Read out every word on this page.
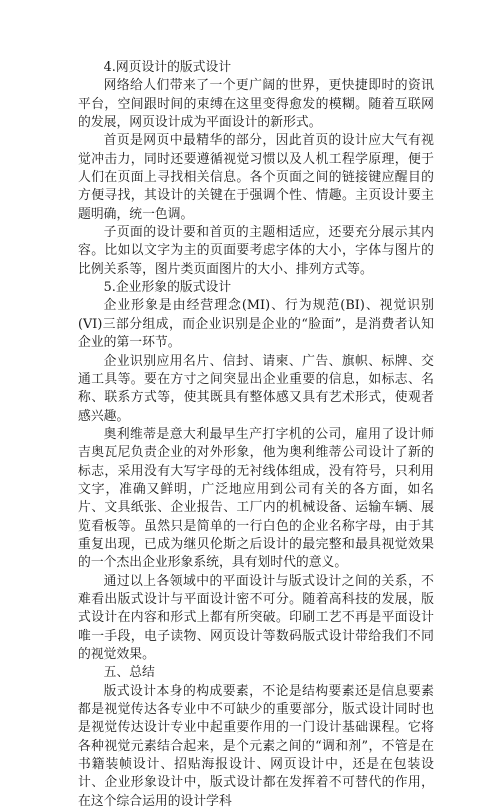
4.网页设计的版式设计

网络给人们带来了一个更广阔的世界，更快捷即时的资讯平台，空间跟时间的束缚在这里变得愈发的模糊。随着互联网的发展，网页设计成为平面设计的新形式。

首页是网页中最精华的部分，因此首页的设计应大气有视觉冲击力，同时还要遵循视觉习惯以及人机工程学原理，便于人们在页面上寻找相关信息。各个页面之间的链接键应醒目的方便寻找，其设计的关键在于强调个性、情趣。主页设计要主题明确，统一色调。

子页面的设计要和首页的主题相适应，还要充分展示其内容。比如以文字为主的页面要考虑字体的大小，字体与图片的比例关系等，图片类页面图片的大小、排列方式等。

5.企业形象的版式设计

企业形象是由经营理念(MI)、行为规范(BI)、视觉识别(VI)三部分组成，而企业识别是企业的“脸面”，是消费者认知企业的第一环节。

企业识别应用名片、信封、请柬、广告、旗帜、标牌、交通工具等。要在方寸之间突显出企业重要的信息，如标志、名称、联系方式等，使其既具有整体感又具有艺术形式，使观者感兴趣。

奥利维蒂是意大利最早生产打字机的公司，雇用了设计师吉奥瓦尼负责企业的对外形象，他为奥利维蒂公司设计了新的标志，采用没有大写字母的无衬线体组成，没有符号，只利用文字，准确又鲜明，广泛地应用到公司有关的各方面，如名片、文具纸张、企业报告、工厂内的机械设备、运输车辆、展览看板等。虽然只是简单的一行白色的企业名称字母，由于其重复出现，已成为继贝伦斯之后设计的最完整和最具视觉效果的一个杰出企业形象系统，具有划时代的意义。

通过以上各领域中的平面设计与版式设计之间的关系，不难看出版式设计与平面设计密不可分。随着高科技的发展，版式设计在内容和形式上都有所突破。印刷工艺不再是平面设计唯一手段，电子读物、网页设计等数码版式设计带给我们不同的视觉效果。

五、总结

版式设计本身的构成要素，不论是结构要素还是信息要素都是视觉传达各专业中不可缺少的重要部分，版式设计同时也是视觉传达设计专业中起重要作用的一门设计基础课程。它将各种视觉元素结合起来，是个元素之间的“调和剂”，不管是在书籍装帧设计、招贴海报设计、网页设计中，还是在包装设计、企业形象设计中，版式设计都在发挥着不可替代的作用，在这个综合运用的设计学科
